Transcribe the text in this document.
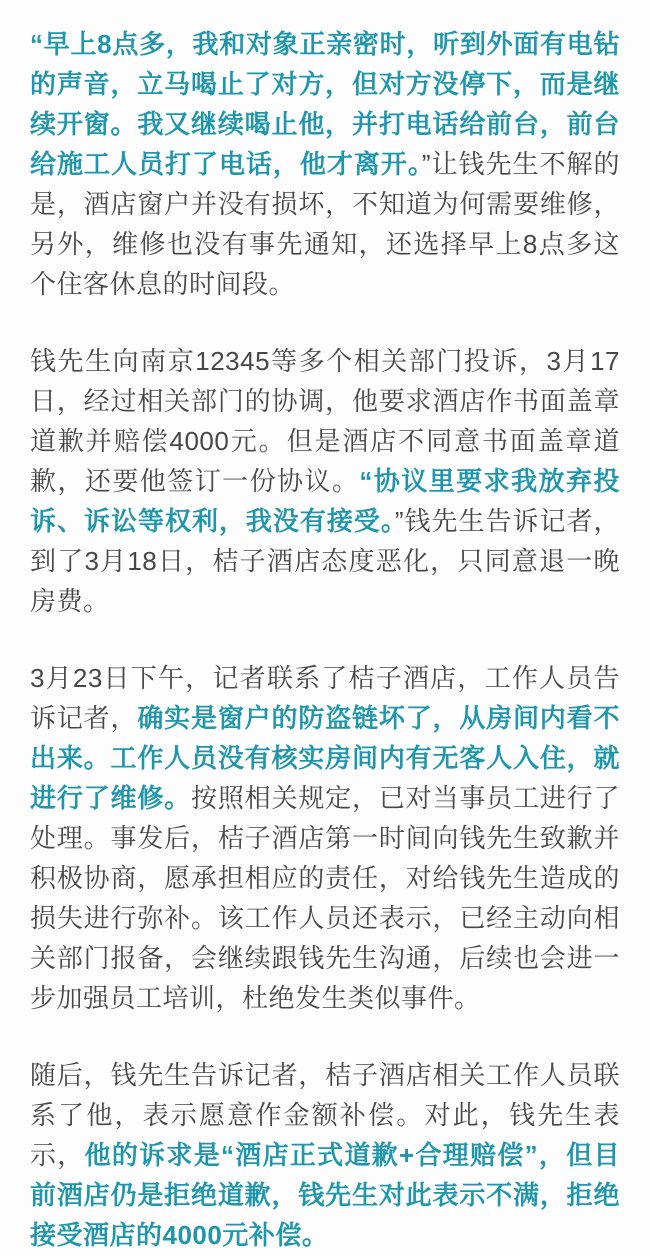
“早上8点多，我和对象正亲密时，听到外面有电钻的声音，立马喝止了对方，但对方没停下，而是继续开窗。我又继续喝止他，并打电话给前台，前台给施工人员打了电话，他才离开。”让钱先生不解的是，酒店窗户并没有损坏，不知道为何需要维修，另外，维修也没有事先通知，还选择早上8点多这个住客休息的时间段。

钱先生向南京12345等多个相关部门投诉，3月17日，经过相关部门的协调，他要求酒店作书面盖章道歉并赔偿4000元。但是酒店不同意书面盖章道歉，还要他签订一份协议。“协议里要求我放弃投诉、诉讼等权利，我没有接受。”钱先生告诉记者，到了3月18日，桔子酒店态度恶化，只同意退一晚房费。

3月23日下午，记者联系了桔子酒店，工作人员告诉记者，确实是窗户的防盗链坏了，从房间内看不出来。工作人员没有核实房间内有无客人入住，就进行了维修。按照相关规定，已对当事员工进行了处理。事发后，桔子酒店第一时间向钱先生致歉并积极协商，愿承担相应的责任，对给钱先生造成的损失进行弥补。该工作人员还表示，已经主动向相关部门报备，会继续跟钱先生沟通，后续也会进一步加强员工培训，杜绝发生类似事件。

随后，钱先生告诉记者，桔子酒店相关工作人员联系了他，表示愿意作金额补偿。对此，钱先生表示，他的诉求是“酒店正式道歉+合理赔偿”，但目前酒店仍是拒绝道歉，钱先生对此表示不满，拒绝接受酒店的4000元补偿。
